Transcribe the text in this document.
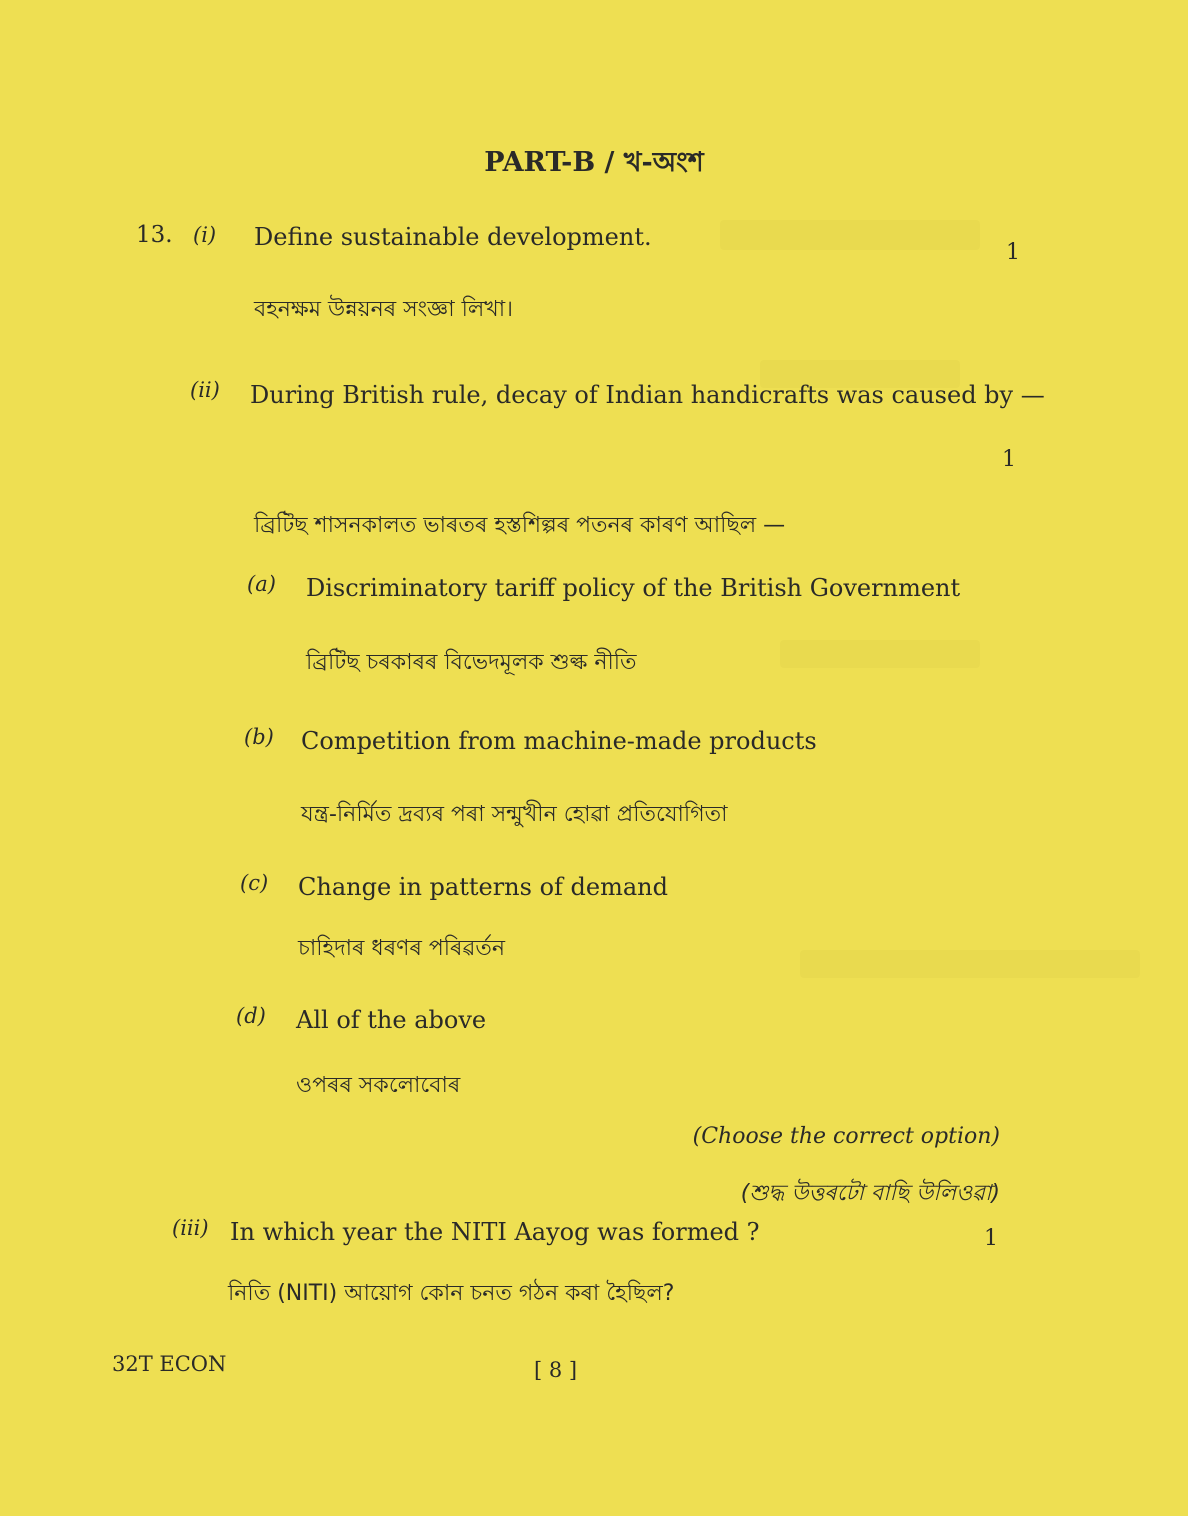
PART-B / খ-অংশ
13. (i) Define sustainable development.
1
বহনক্ষম উন্নয়নৰ সংজ্ঞা লিখা।
(ii) During British rule, decay of Indian handicrafts was caused by —
1
ব্ৰিটিছ শাসনকালত ভাৰতৰ হস্তশিল্পৰ পতনৰ কাৰণ আছিল —
(a) Discriminatory tariff policy of the British Government
ব্ৰিটিছ চৰকাৰৰ বিভেদমূলক শুল্ক নীতি
(b) Competition from machine-made products
যন্ত্ৰ-নিৰ্মিত দ্ৰব্যৰ পৰা সন্মুখীন হোৱা প্ৰতিযোগিতা
(c) Change in patterns of demand
চাহিদাৰ ধৰণৰ পৰিৱৰ্তন
(d) All of the above
ওপৰৰ সকলোবোৰ
(Choose the correct option)
(শুদ্ধ উত্তৰটো বাছি উলিওৱা)
(iii) In which year the NITI Aayog was formed ?	1
নিতি (NITI) আয়োগ কোন চনত গঠন কৰা হৈছিল?
32T ECON	[ 8 ]
